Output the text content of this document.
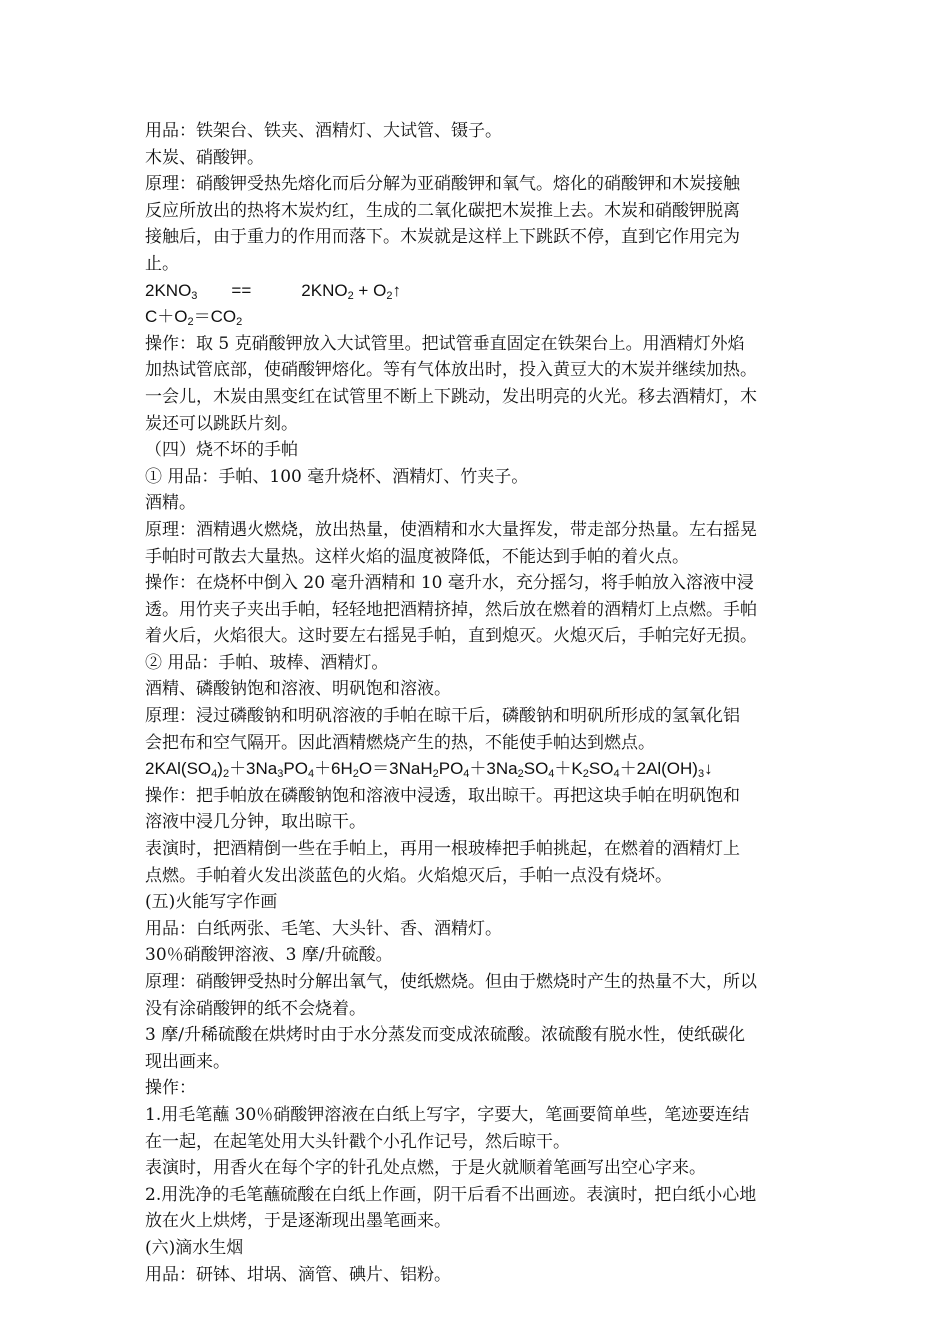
用品：铁架台、铁夹、酒精灯、大试管、镊子。
木炭、硝酸钾。
原理：硝酸钾受热先熔化而后分解为亚硝酸钾和氧气。熔化的硝酸钾和木炭接触
反应所放出的热将木炭灼红，生成的二氧化碳把木炭推上去。木炭和硝酸钾脱离
接触后，由于重力的作用而落下。木炭就是这样上下跳跃不停，直到它作用完为
止。
$2KNO_3$ ==	$2KNO_2$ + $O_2↑$
$C+O_2=CO_2$
操作：取 5 克硝酸钾放入大试管里。把试管垂直固定在铁架台上。用酒精灯外焰
加热试管底部，使硝酸钾熔化。等有气体放出时，投入黄豆大的木炭并继续加热。
一会儿，木炭由黑变红在试管里不断上下跳动，发出明亮的火光。移去酒精灯，木
炭还可以跳跃片刻。
（四）烧不坏的手帕
① 用品：手帕、100 毫升烧杯、酒精灯、竹夹子。
酒精。
原理：酒精遇火燃烧，放出热量，使酒精和水大量挥发，带走部分热量。左右摇晃
手帕时可散去大量热。这样火焰的温度被降低，不能达到手帕的着火点。
操作：在烧杯中倒入 20 毫升酒精和 10 毫升水，充分摇匀，将手帕放入溶液中浸
透。用竹夹子夹出手帕，轻轻地把酒精挤掉，然后放在燃着的酒精灯上点燃。手帕
着火后，火焰很大。这时要左右摇晃手帕，直到熄灭。火熄灭后，手帕完好无损。
② 用品：手帕、玻棒、酒精灯。
酒精、磷酸钠饱和溶液、明矾饱和溶液。
原理：浸过磷酸钠和明矾溶液的手帕在晾干后，磷酸钠和明矾所形成的氢氧化铝
会把布和空气隔开。因此酒精燃烧产生的热，不能使手帕达到燃点。
$2KAl(SO_4)_2+3Na_3PO_4+6H_2O=3NaH_2PO_4+3Na_2SO_4+K_2SO_4+2Al(OH)_3↓$
操作：把手帕放在磷酸钠饱和溶液中浸透，取出晾干。再把这块手帕在明矾饱和
溶液中浸几分钟，取出晾干。
表演时，把酒精倒一些在手帕上，再用一根玻棒把手帕挑起，在燃着的酒精灯上
点燃。手帕着火发出淡蓝色的火焰。火焰熄灭后，手帕一点没有烧坏。
(五)火能写字作画
用品：白纸两张、毛笔、大头针、香、酒精灯。
30％硝酸钾溶液、3 摩/升硫酸。
原理：硝酸钾受热时分解出氧气，使纸燃烧。但由于燃烧时产生的热量不大，所以
没有涂硝酸钾的纸不会烧着。
3 摩/升稀硫酸在烘烤时由于水分蒸发而变成浓硫酸。浓硫酸有脱水性，使纸碳化
现出画来。
操作：
1.用毛笔蘸 30％硝酸钾溶液在白纸上写字，字要大，笔画要简单些，笔迹要连结
在一起，在起笔处用大头针戳个小孔作记号，然后晾干。
表演时，用香火在每个字的针孔处点燃，于是火就顺着笔画写出空心字来。
2.用洗净的毛笔蘸硫酸在白纸上作画，阴干后看不出画迹。表演时，把白纸小心地
放在火上烘烤，于是逐渐现出墨笔画来。
(六)滴水生烟
用品：研钵、坩埚、滴管、碘片、铝粉。
